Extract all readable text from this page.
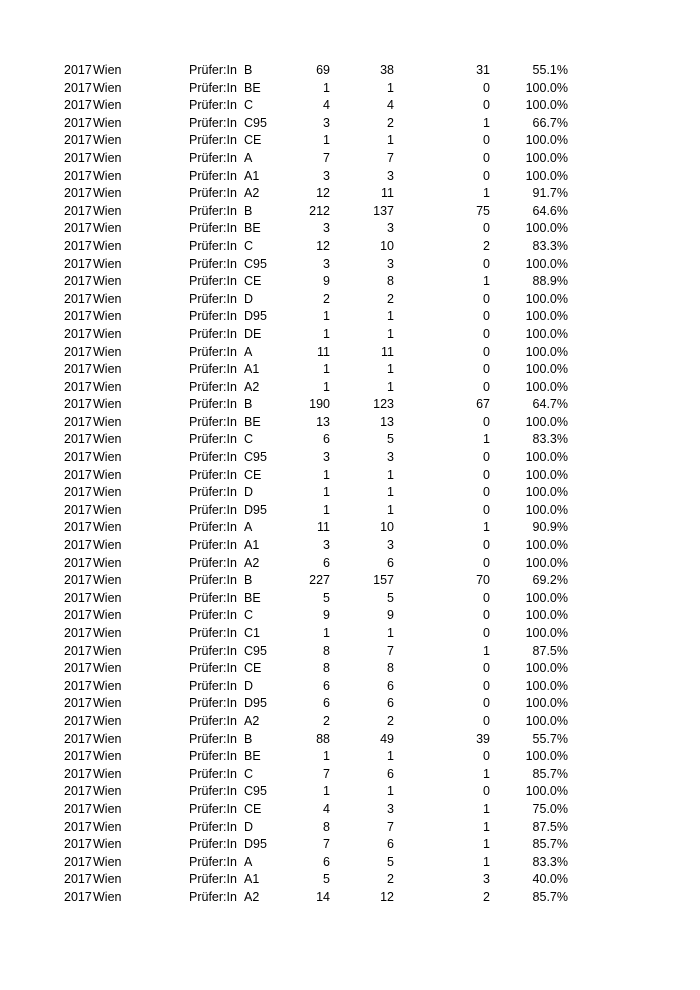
2017 Wien	Prüfer:In B	69	38	31	55.1%
2017 Wien	Prüfer:In BE	1	1	0	100.0%
2017 Wien	Prüfer:In C	4	4	0	100.0%
2017 Wien	Prüfer:In C95	3	2	1	66.7%
2017 Wien	Prüfer:In CE	1	1	0	100.0%
2017 Wien	Prüfer:In A	7	7	0	100.0%
2017 Wien	Prüfer:In A1	3	3	0	100.0%
2017 Wien	Prüfer:In A2	12	11	1	91.7%
2017 Wien	Prüfer:In B	212	137	75	64.6%
2017 Wien	Prüfer:In BE	3	3	0	100.0%
2017 Wien	Prüfer:In C	12	10	2	83.3%
2017 Wien	Prüfer:In C95	3	3	0	100.0%
2017 Wien	Prüfer:In CE	9	8	1	88.9%
2017 Wien	Prüfer:In D	2	2	0	100.0%
2017 Wien	Prüfer:In D95	1	1	0	100.0%
2017 Wien	Prüfer:In DE	1	1	0	100.0%
2017 Wien	Prüfer:In A	11	11	0	100.0%
2017 Wien	Prüfer:In A1	1	1	0	100.0%
2017 Wien	Prüfer:In A2	1	1	0	100.0%
2017 Wien	Prüfer:In B	190	123	67	64.7%
2017 Wien	Prüfer:In BE	13	13	0	100.0%
2017 Wien	Prüfer:In C	6	5	1	83.3%
2017 Wien	Prüfer:In C95	3	3	0	100.0%
2017 Wien	Prüfer:In CE	1	1	0	100.0%
2017 Wien	Prüfer:In D	1	1	0	100.0%
2017 Wien	Prüfer:In D95	1	1	0	100.0%
2017 Wien	Prüfer:In A	11	10	1	90.9%
2017 Wien	Prüfer:In A1	3	3	0	100.0%
2017 Wien	Prüfer:In A2	6	6	0	100.0%
2017 Wien	Prüfer:In B	227	157	70	69.2%
2017 Wien	Prüfer:In BE	5	5	0	100.0%
2017 Wien	Prüfer:In C	9	9	0	100.0%
2017 Wien	Prüfer:In C1	1	1	0	100.0%
2017 Wien	Prüfer:In C95	8	7	1	87.5%
2017 Wien	Prüfer:In CE	8	8	0	100.0%
2017 Wien	Prüfer:In D	6	6	0	100.0%
2017 Wien	Prüfer:In D95	6	6	0	100.0%
2017 Wien	Prüfer:In A2	2	2	0	100.0%
2017 Wien	Prüfer:In B	88	49	39	55.7%
2017 Wien	Prüfer:In BE	1	1	0	100.0%
2017 Wien	Prüfer:In C	7	6	1	85.7%
2017 Wien	Prüfer:In C95	1	1	0	100.0%
2017 Wien	Prüfer:In CE	4	3	1	75.0%
2017 Wien	Prüfer:In D	8	7	1	87.5%
2017 Wien	Prüfer:In D95	7	6	1	85.7%
2017 Wien	Prüfer:In A	6	5	1	83.3%
2017 Wien	Prüfer:In A1	5	2	3	40.0%
2017 Wien	Prüfer:In A2	14	12	2	85.7%
